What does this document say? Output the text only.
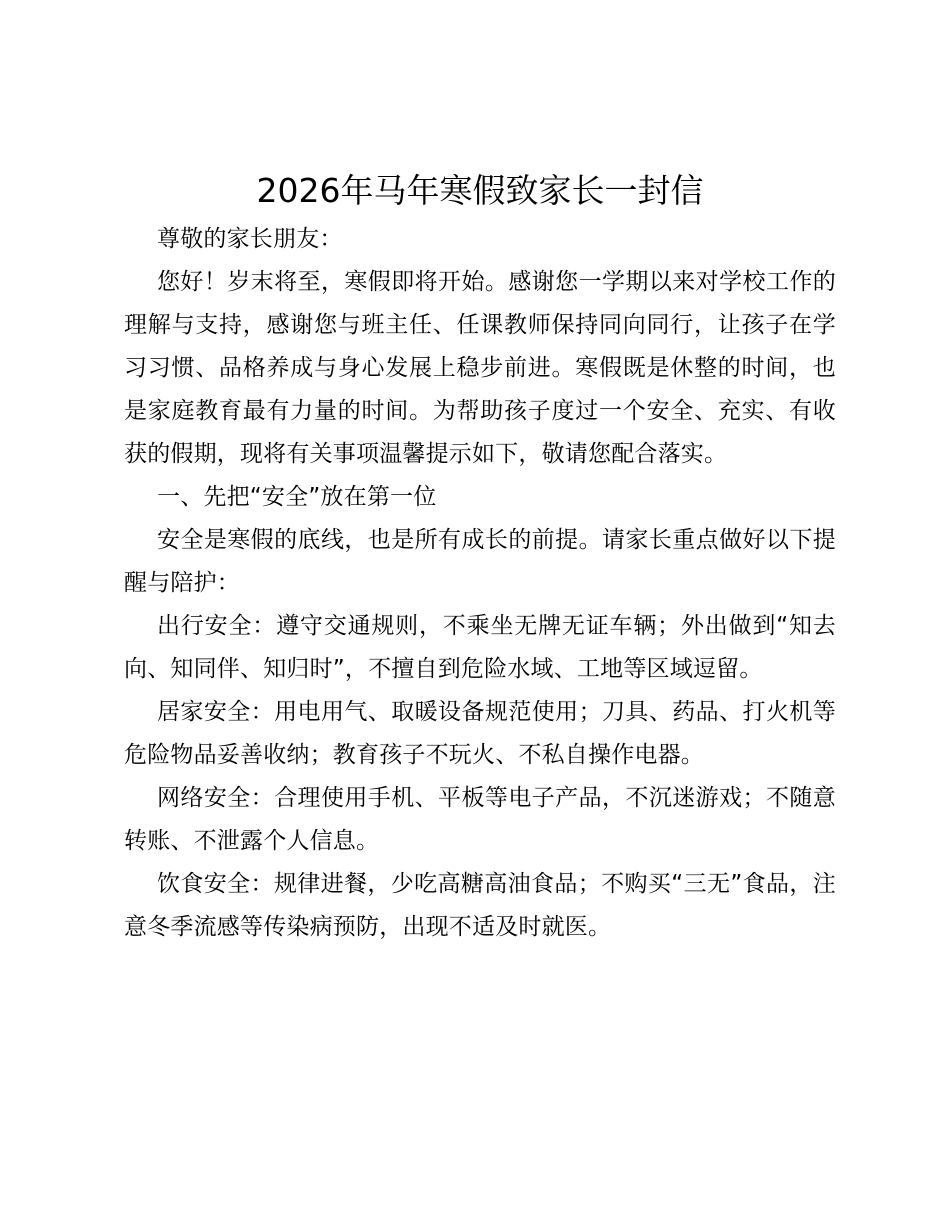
2026年马年寒假致家长一封信

尊敬的家长朋友：

您好！岁末将至，寒假即将开始。感谢您一学期以来对学校工作的理解与支持，感谢您与班主任、任课教师保持同向同行，让孩子在学习习惯、品格养成与身心发展上稳步前进。寒假既是休整的时间，也是家庭教育最有力量的时间。为帮助孩子度过一个安全、充实、有收获的假期，现将有关事项温馨提示如下，敬请您配合落实。

一、先把“安全”放在第一位

安全是寒假的底线，也是所有成长的前提。请家长重点做好以下提醒与陪护：

出行安全：遵守交通规则，不乘坐无牌无证车辆；外出做到“知去向、知同伴、知归时”，不擅自到危险水域、工地等区域逗留。

居家安全：用电用气、取暖设备规范使用；刀具、药品、打火机等危险物品妥善收纳；教育孩子不玩火、不私自操作电器。

网络安全：合理使用手机、平板等电子产品，不沉迷游戏；不随意转账、不泄露个人信息。

饮食安全：规律进餐，少吃高糖高油食品；不购买“三无”食品，注意冬季流感等传染病预防，出现不适及时就医。
